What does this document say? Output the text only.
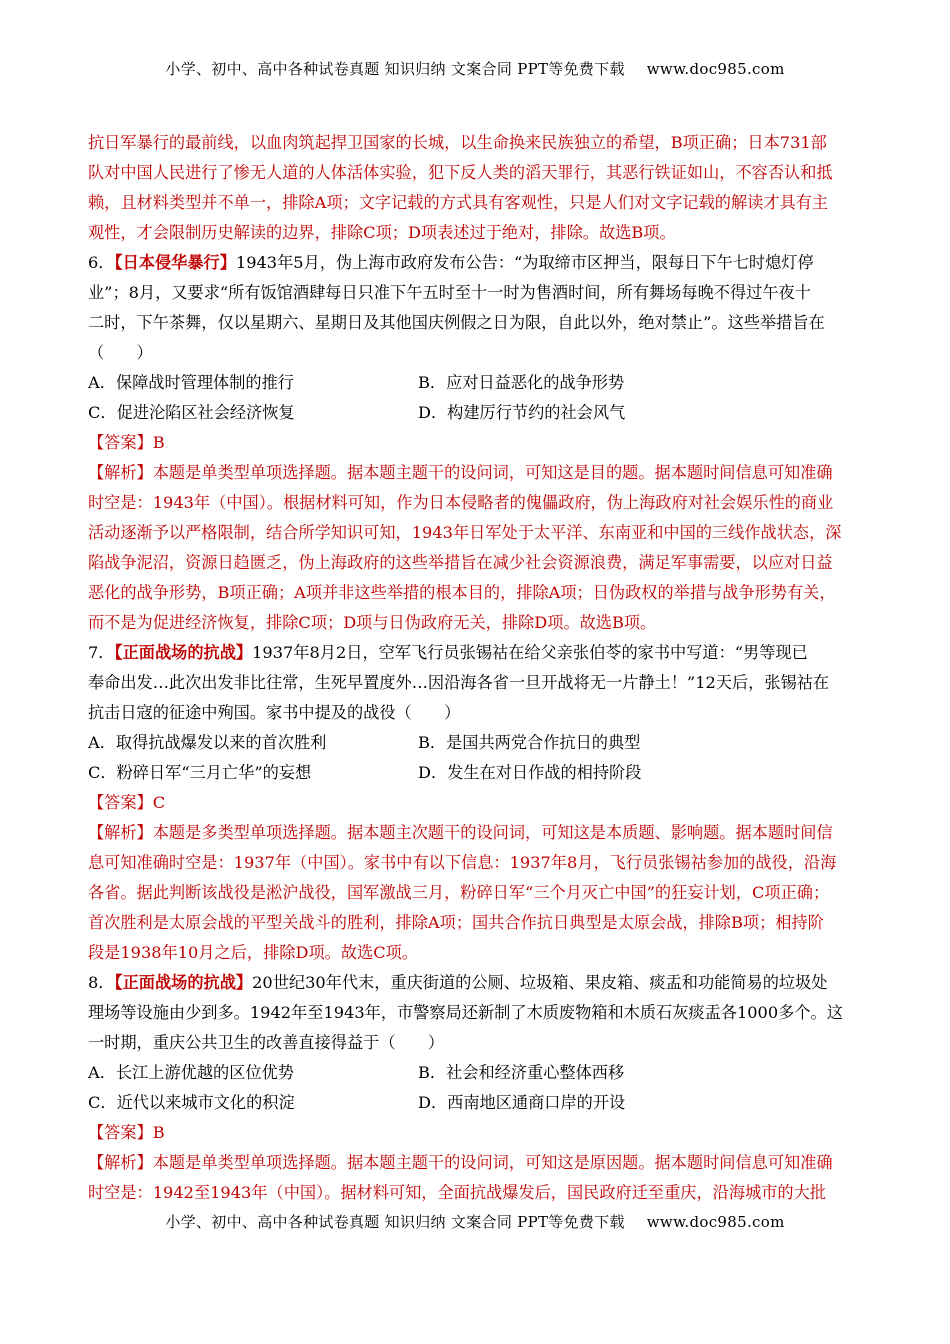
小学、初中、高中各种试卷真题 知识归纳 文案合同 PPT等免费下载 www.doc985.com
抗日军暴行的最前线，以血肉筑起捍卫国家的长城，以生命换来民族独立的希望，B项正确；日本731部
队对中国人民进行了惨无人道的人体活体实验，犯下反人类的滔天罪行，其恶行铁证如山，不容否认和抵
赖，且材料类型并不单一，排除A项；文字记载的方式具有客观性，只是人们对文字记载的解读才具有主
观性，才会限制历史解读的边界，排除C项；D项表述过于绝对，排除。故选B项。
6．【日本侵华暴行】1943年5月，伪上海市政府发布公告：“为取缔市区押当，限每日下午七时熄灯停
业”；8月，又要求“所有饭馆酒肆每日只准下午五时至十一时为售酒时间，所有舞场每晚不得过午夜十
二时，下午茶舞，仅以星期六、星期日及其他国庆例假之日为限，自此以外，绝对禁止”。这些举措旨在
（　　）
A．保障战时管理体制的推行	B．应对日益恶化的战争形势
C．促进沦陷区社会经济恢复	D．构建厉行节约的社会风气
【答案】B
【解析】本题是单类型单项选择题。据本题主题干的设问词，可知这是目的题。据本题时间信息可知准确
时空是：1943年（中国）。根据材料可知，作为日本侵略者的傀儡政府，伪上海政府对社会娱乐性的商业
活动逐渐予以严格限制，结合所学知识可知，1943年日军处于太平洋、东南亚和中国的三线作战状态，深
陷战争泥沼，资源日趋匮乏，伪上海政府的这些举措旨在减少社会资源浪费，满足军事需要，以应对日益
恶化的战争形势，B项正确；A项并非这些举措的根本目的，排除A项；日伪政权的举措与战争形势有关，
而不是为促进经济恢复，排除C项；D项与日伪政府无关，排除D项。故选B项。
7．【正面战场的抗战】1937年8月2日，空军飞行员张锡祜在给父亲张伯苓的家书中写道：“男等现已
奉命出发…此次出发非比往常，生死早置度外…因沿海各省一旦开战将无一片静土！”12天后，张锡祜在
抗击日寇的征途中殉国。家书中提及的战役（　　）
A．取得抗战爆发以来的首次胜利	B．是国共两党合作抗日的典型
C．粉碎日军“三月亡华”的妄想	D．发生在对日作战的相持阶段
【答案】C
【解析】本题是多类型单项选择题。据本题主次题干的设问词，可知这是本质题、影响题。据本题时间信
息可知准确时空是：1937年（中国）。家书中有以下信息：1937年8月，飞行员张锡祜参加的战役，沿海
各省。据此判断该战役是淞沪战役，国军激战三月，粉碎日军“三个月灭亡中国”的狂妄计划，C项正确；
首次胜利是太原会战的平型关战斗的胜利，排除A项；国共合作抗日典型是太原会战，排除B项；相持阶
段是1938年10月之后，排除D项。故选C项。
8．【正面战场的抗战】20世纪30年代末，重庆街道的公厕、垃圾箱、果皮箱、痰盂和功能简易的垃圾处
理场等设施由少到多。1942年至1943年，市警察局还新制了木质废物箱和木质石灰痰盂各1000多个。这
一时期，重庆公共卫生的改善直接得益于（　　）
A．长江上游优越的区位优势	B．社会和经济重心整体西移
C．近代以来城市文化的积淀	D．西南地区通商口岸的开设
【答案】B
【解析】本题是单类型单项选择题。据本题主题干的设问词，可知这是原因题。据本题时间信息可知准确
时空是：1942至1943年（中国）。据材料可知，全面抗战爆发后，国民政府迁至重庆，沿海城市的大批
小学、初中、高中各种试卷真题 知识归纳 文案合同 PPT等免费下载 www.doc985.com
